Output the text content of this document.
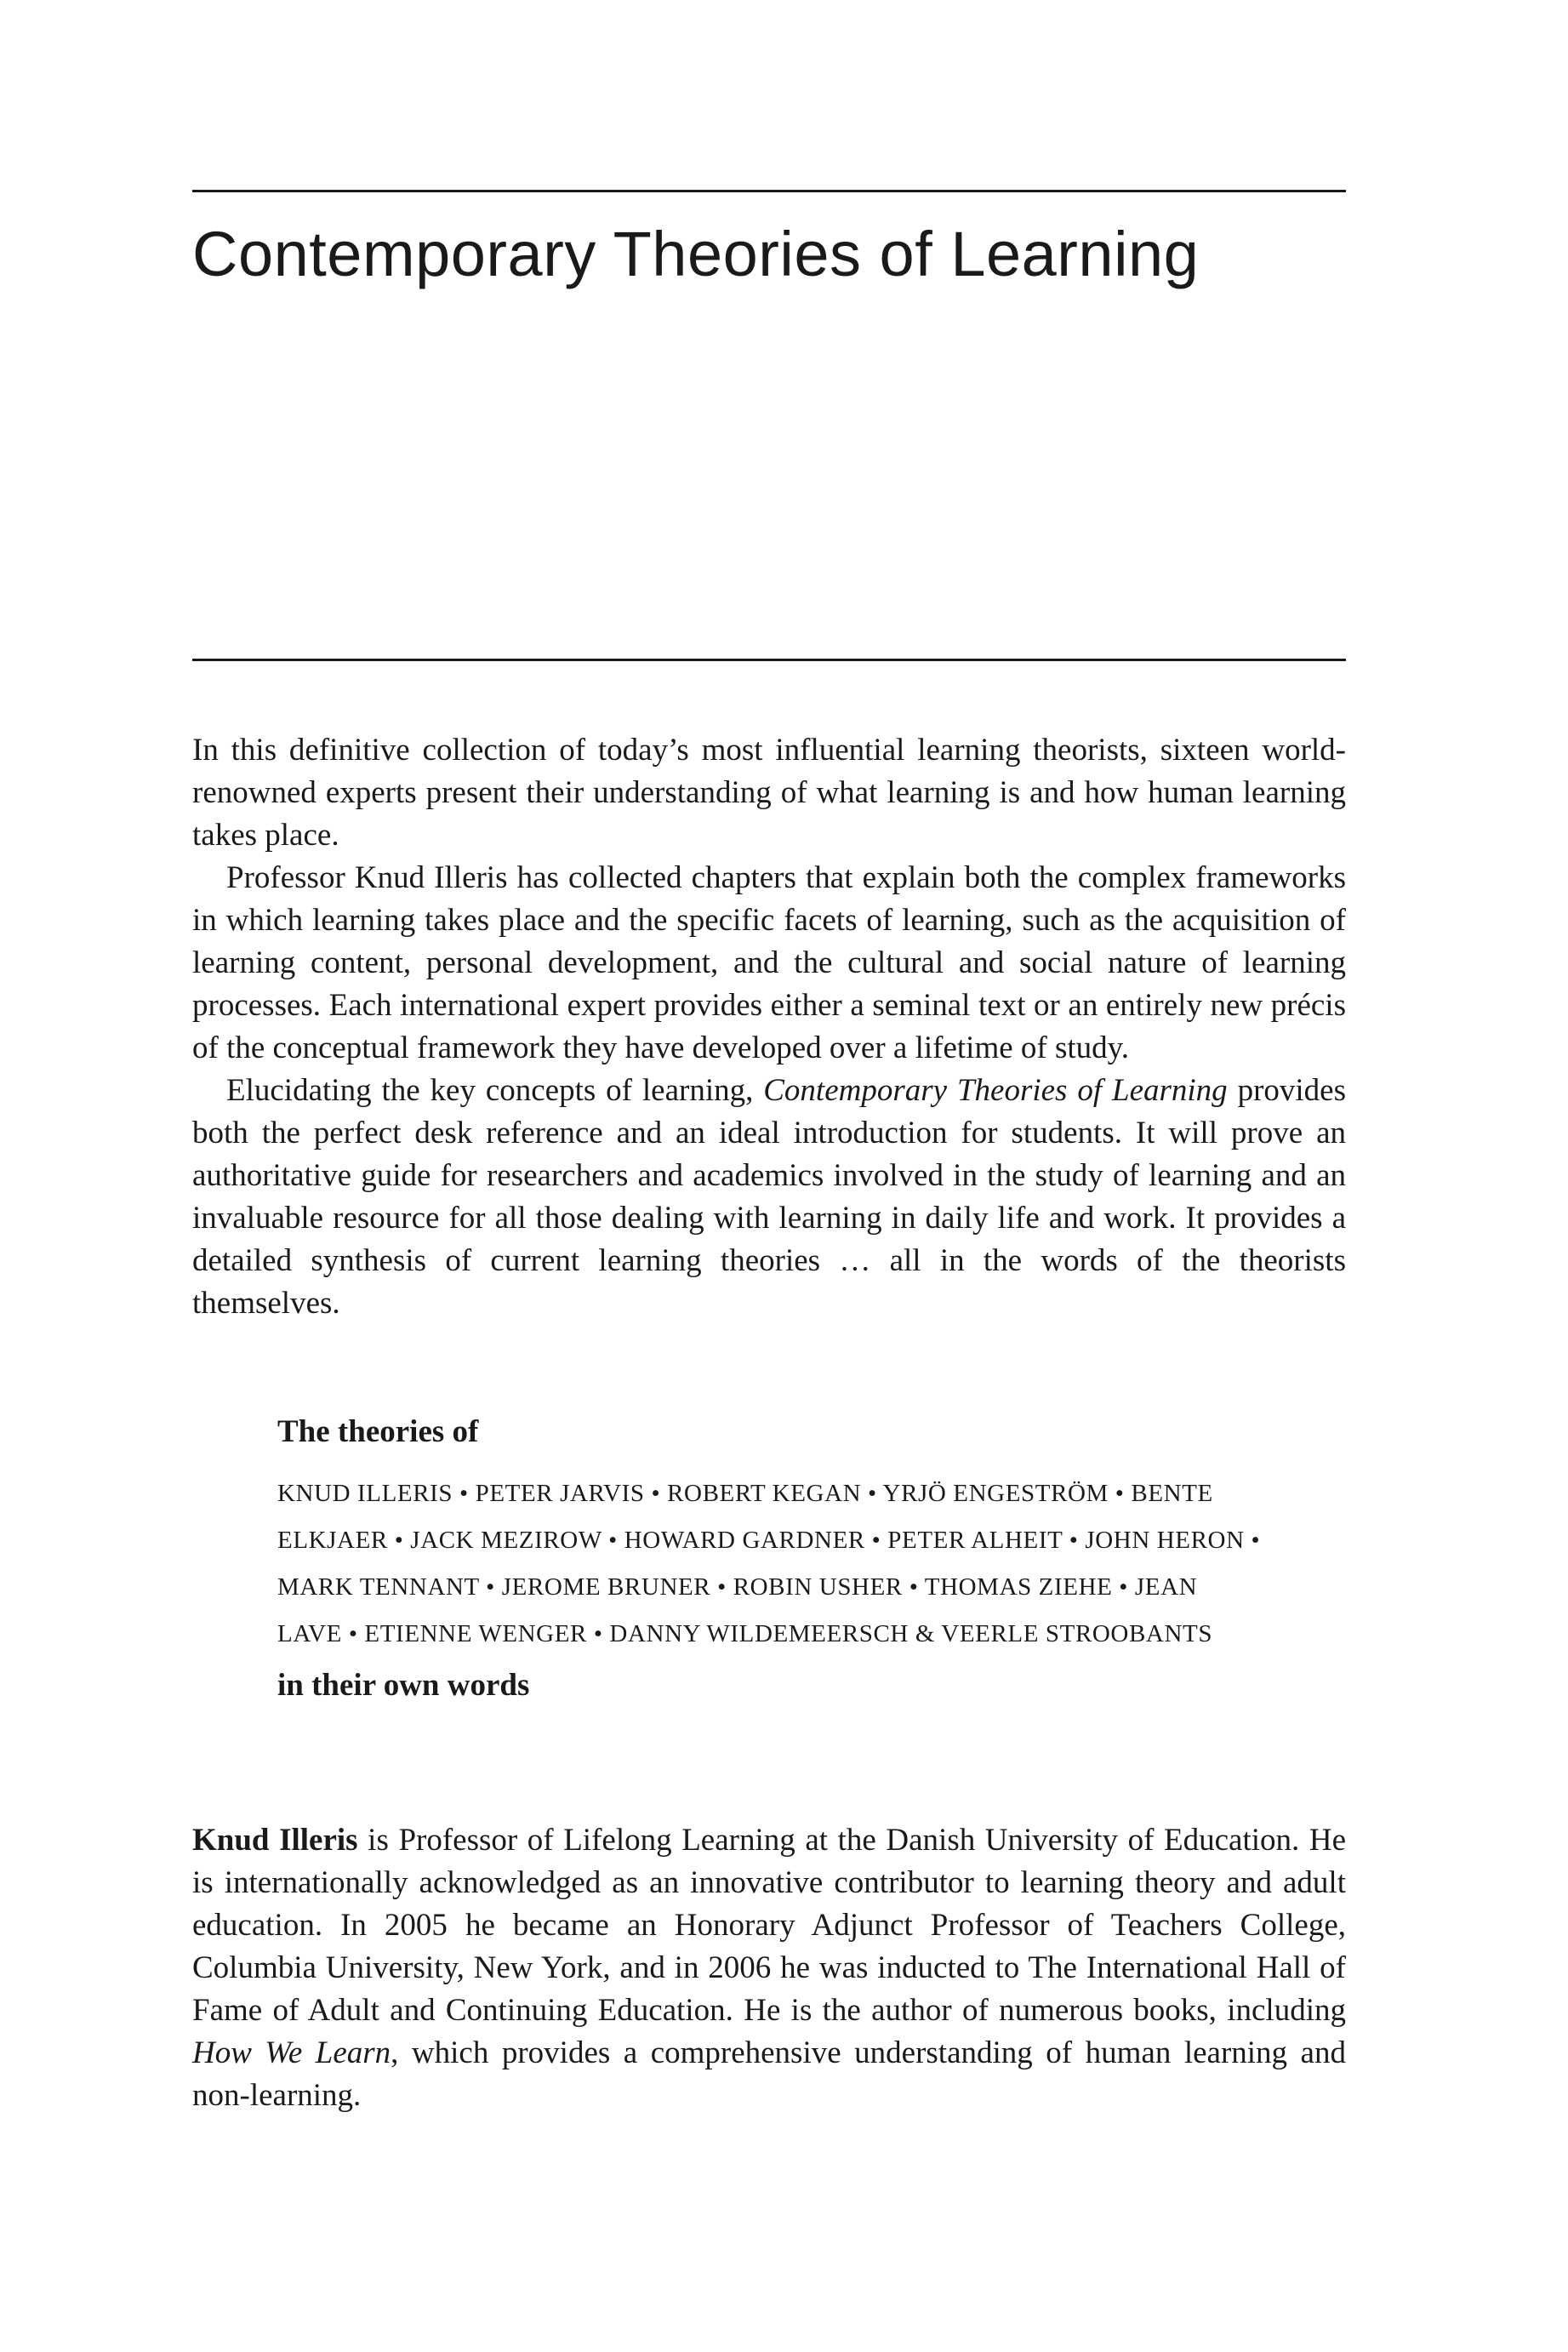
Contemporary Theories of Learning

In this definitive collection of today’s most influential learning theorists, sixteen world-renowned experts present their understanding of what learning is and how human learning takes place.

Professor Knud Illeris has collected chapters that explain both the complex frameworks in which learning takes place and the specific facets of learning, such as the acquisition of learning content, personal development, and the cultural and social nature of learning processes. Each international expert provides either a seminal text or an entirely new précis of the conceptual framework they have developed over a lifetime of study.

Elucidating the key concepts of learning, Contemporary Theories of Learning provides both the perfect desk reference and an ideal introduction for students. It will prove an authoritative guide for researchers and academics involved in the study of learning and an invaluable resource for all those dealing with learning in daily life and work. It provides a detailed synthesis of current learning theories … all in the words of the theorists themselves.

The theories of

KNUD ILLERIS • PETER JARVIS • ROBERT KEGAN • YRJÖ ENGESTRÖM • BENTE ELKJAER • JACK MEZIROW • HOWARD GARDNER • PETER ALHEIT • JOHN HERON • MARK TENNANT • JEROME BRUNER • ROBIN USHER • THOMAS ZIEHE • JEAN LAVE • ETIENNE WENGER • DANNY WILDEMEERSCH & VEERLE STROOBANTS

in their own words

Knud Illeris is Professor of Lifelong Learning at the Danish University of Education. He is internationally acknowledged as an innovative contributor to learning theory and adult education. In 2005 he became an Honorary Adjunct Professor of Teachers College, Columbia University, New York, and in 2006 he was inducted to The International Hall of Fame of Adult and Continuing Education. He is the author of numerous books, including How We Learn, which provides a comprehensive understanding of human learning and non-learning.
